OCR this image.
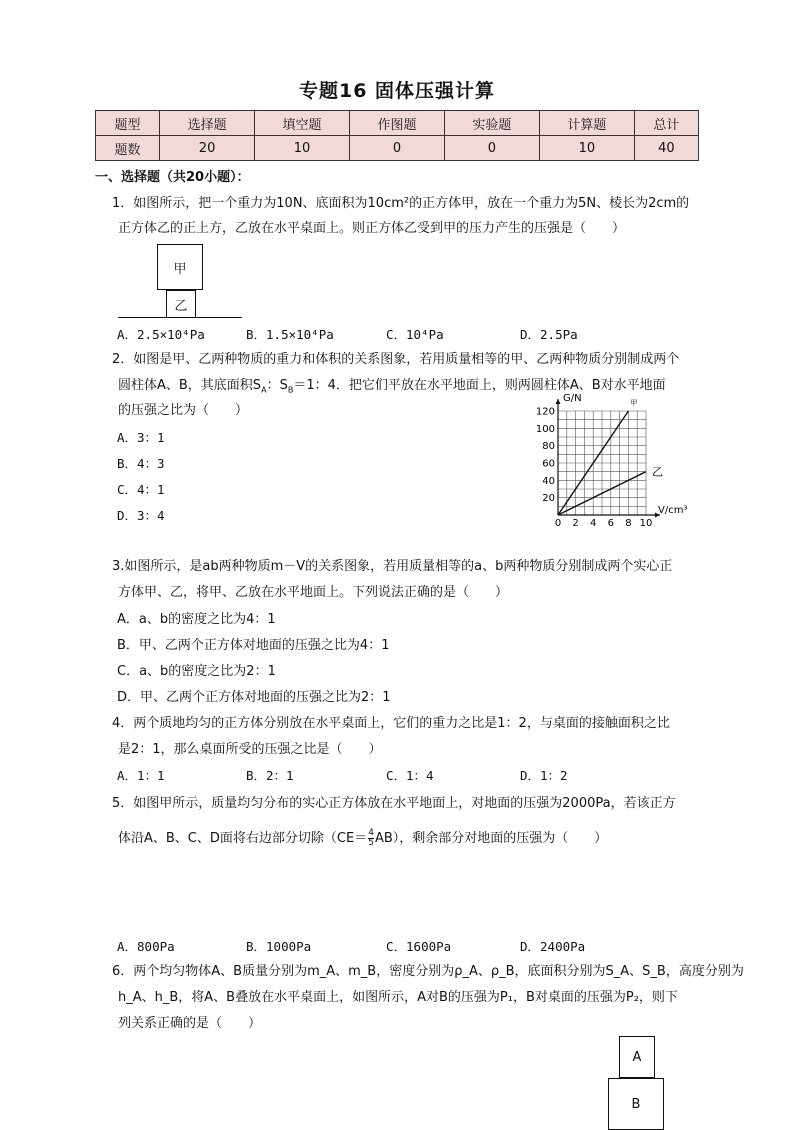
专题16 固体压强计算
题型	选择题	填空题	作图题	实验题	计算题	总计
题数	20	10	0	0	10	40
一、选择题（共20小题）：
1．如图所示，把一个重力为10N、底面积为10cm²的正方体甲，放在一个重力为5N、棱长为2cm的
正方体乙的正上方，乙放在水平桌面上。则正方体乙受到甲的压力产生的压强是（　　）
甲
乙
A．2.5×10⁴Pa	B．1.5×10⁴Pa	C．10⁴Pa	D．2.5Pa
2．如图是甲、乙两种物质的重力和体积的关系图象，若用质量相等的甲、乙两种物质分别制成两个
圆柱体A、B，其底面积$S_A$：$S_B=1$：4．把它们平放在水平地面上，则两圆柱体A、B对水平地面
的压强之比为（　　）
A．3：1
B．4：3
C．4：1
D．3：4
0 2 4 6 8 10
20
40
60
80
100
120
G/N
V/cm³
甲
乙
3.如图所示，是ab两种物质m－V的关系图象，若用质量相等的a、b两种物质分别制成两个实心正
方体甲、乙，将甲、乙放在水平地面上。下列说法正确的是（　　）
A．a、b的密度之比为4：1
B．甲、乙两个正方体对地面的压强之比为4：1
C．a、b的密度之比为2：1
D．甲、乙两个正方体对地面的压强之比为2：1
4．两个质地均匀的正方体分别放在水平桌面上，它们的重力之比是1：2，与桌面的接触面积之比
是2：1，那么桌面所受的压强之比是（　　）
A．1：1	B．2：1	C．1：4	D．1：2
5．如图甲所示，质量均匀分布的实心正方体放在水平地面上，对地面的压强为2000Pa，若该正方
体沿A、B、C、D面将右边部分切除$(CE= \frac{4}{5} AB)$，剩余部分对地面的压强为（　　）
A．800Pa	B．1000Pa	C．1600Pa	D．2400Pa
6．两个均匀物体A、B质量分别为m_A、m_B，密度分别为ρ_A、ρ_B，底面积分别为S_A、S_B，高度分别为
h_A、h_B，将A、B叠放在水平桌面上，如图所示，A对B的压强为P₁，B对桌面的压强为P₂，则下
列关系正确的是（　　）
A
B
